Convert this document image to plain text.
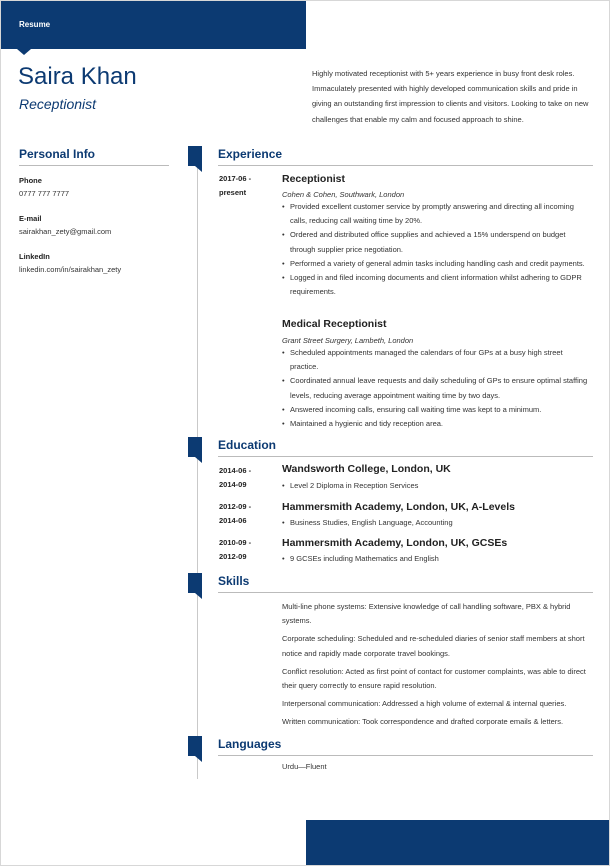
Resume
Saira Khan
Receptionist
Highly motivated receptionist with 5+ years experience in busy front desk roles. Immaculately presented with highly developed communication skills and pride in giving an outstanding first impression to clients and visitors. Looking to take on new challenges that enable my calm and focused approach to shine.
Personal Info
Phone
0777 777 7777
E-mail
sairakhan_zety@gmail.com
LinkedIn
linkedin.com/in/sairakhan_zety
Experience
2017-06 -
present
Receptionist
Cohen & Cohen, Southwark, London
• Provided excellent customer service by promptly answering and directing all incoming calls, reducing call waiting time by 20%.
• Ordered and distributed office supplies and achieved a 15% underspend on budget through supplier price negotiation.
• Performed a variety of general admin tasks including handling cash and credit payments.
• Logged in and filed incoming documents and client information whilst adhering to GDPR requirements.
Medical Receptionist
Grant Street Surgery, Lambeth, London
• Scheduled appointments managed the calendars of four GPs at a busy high street practice.
• Coordinated annual leave requests and daily scheduling of GPs to ensure optimal staffing levels, reducing average appointment waiting time by two days.
• Answered incoming calls, ensuring call waiting time was kept to a minimum.
• Maintained a hygienic and tidy reception area.
Education
2014-06 -
2014-09
Wandsworth College, London, UK
• Level 2 Diploma in Reception Services
2012-09 -
2014-06
Hammersmith Academy, London, UK, A-Levels
• Business Studies, English Language, Accounting
2010-09 -
2012-09
Hammersmith Academy, London, UK, GCSEs
• 9 GCSEs including Mathematics and English
Skills
Multi-line phone systems: Extensive knowledge of call handling software, PBX & hybrid systems.
Corporate scheduling: Scheduled and re-scheduled diaries of senior staff members at short notice and rapidly made corporate travel bookings.
Conflict resolution: Acted as first point of contact for customer complaints, was able to direct their query correctly to ensure rapid resolution.
Interpersonal communication: Addressed a high volume of external & internal queries.
Written communication: Took correspondence and drafted corporate emails & letters.
Languages
Urdu—Fluent
